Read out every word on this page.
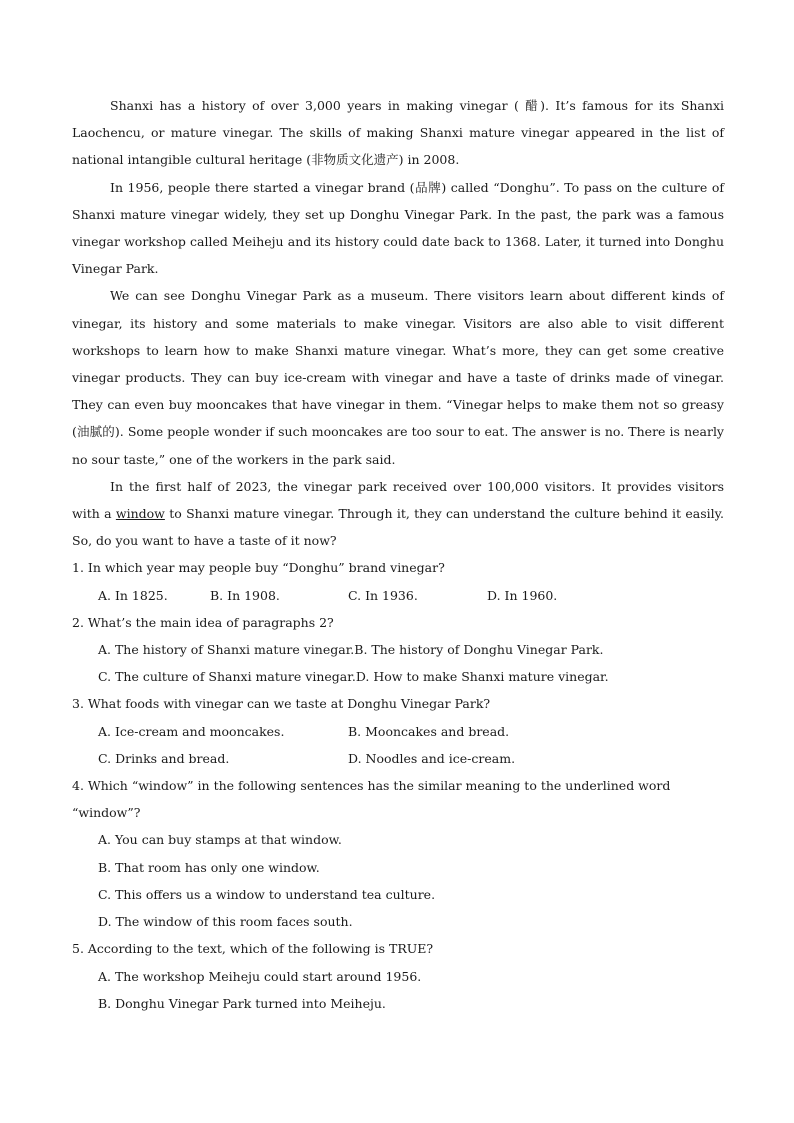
Shanxi has a history of over 3,000 years in making vinegar ( 醋). It’s famous for its Shanxi Laochencu, or mature vinegar. The skills of making Shanxi mature vinegar appeared in the list of national intangible cultural heritage (非物质文化遗产) in 2008.

In 1956, people there started a vinegar brand (品牌) called “Donghu”. To pass on the culture of Shanxi mature vinegar widely, they set up Donghu Vinegar Park. In the past, the park was a famous vinegar workshop called Meiheju and its history could date back to 1368. Later, it turned into Donghu Vinegar Park.

We can see Donghu Vinegar Park as a museum. There visitors learn about different kinds of vinegar, its history and some materials to make vinegar. Visitors are also able to visit different workshops to learn how to make Shanxi mature vinegar. What’s more, they can get some creative vinegar products. They can buy ice-cream with vinegar and have a taste of drinks made of vinegar. They can even buy mooncakes that have vinegar in them. “Vinegar helps to make them not so greasy (油腻的). Some people wonder if such mooncakes are too sour to eat. The answer is no. There is nearly no sour taste,” one of the workers in the park said.

In the first half of 2023, the vinegar park received over 100,000 visitors. It provides visitors with a window to Shanxi mature vinegar. Through it, they can understand the culture behind it easily. So, do you want to have a taste of it now?

1. In which year may people buy “Donghu” brand vinegar?

A. In 1825.	B. In 1908.	C. In 1936.	D. In 1960.

2. What’s the main idea of paragraphs 2?

A. The history of Shanxi mature vinegar. B. The history of Donghu Vinegar Park.
C. The culture of Shanxi mature vinegar. D. How to make Shanxi mature vinegar.

3. What foods with vinegar can we taste at Donghu Vinegar Park?

A. Ice-cream and mooncakes.	B. Mooncakes and bread.
C. Drinks and bread.	D. Noodles and ice-cream.

4. Which “window” in the following sentences has the similar meaning to the underlined word “window”?

A. You can buy stamps at that window.
B. That room has only one window.
C. This offers us a window to understand tea culture.
D. The window of this room faces south.

5. According to the text, which of the following is TRUE?

A. The workshop Meiheju could start around 1956.
B. Donghu Vinegar Park turned into Meiheju.
